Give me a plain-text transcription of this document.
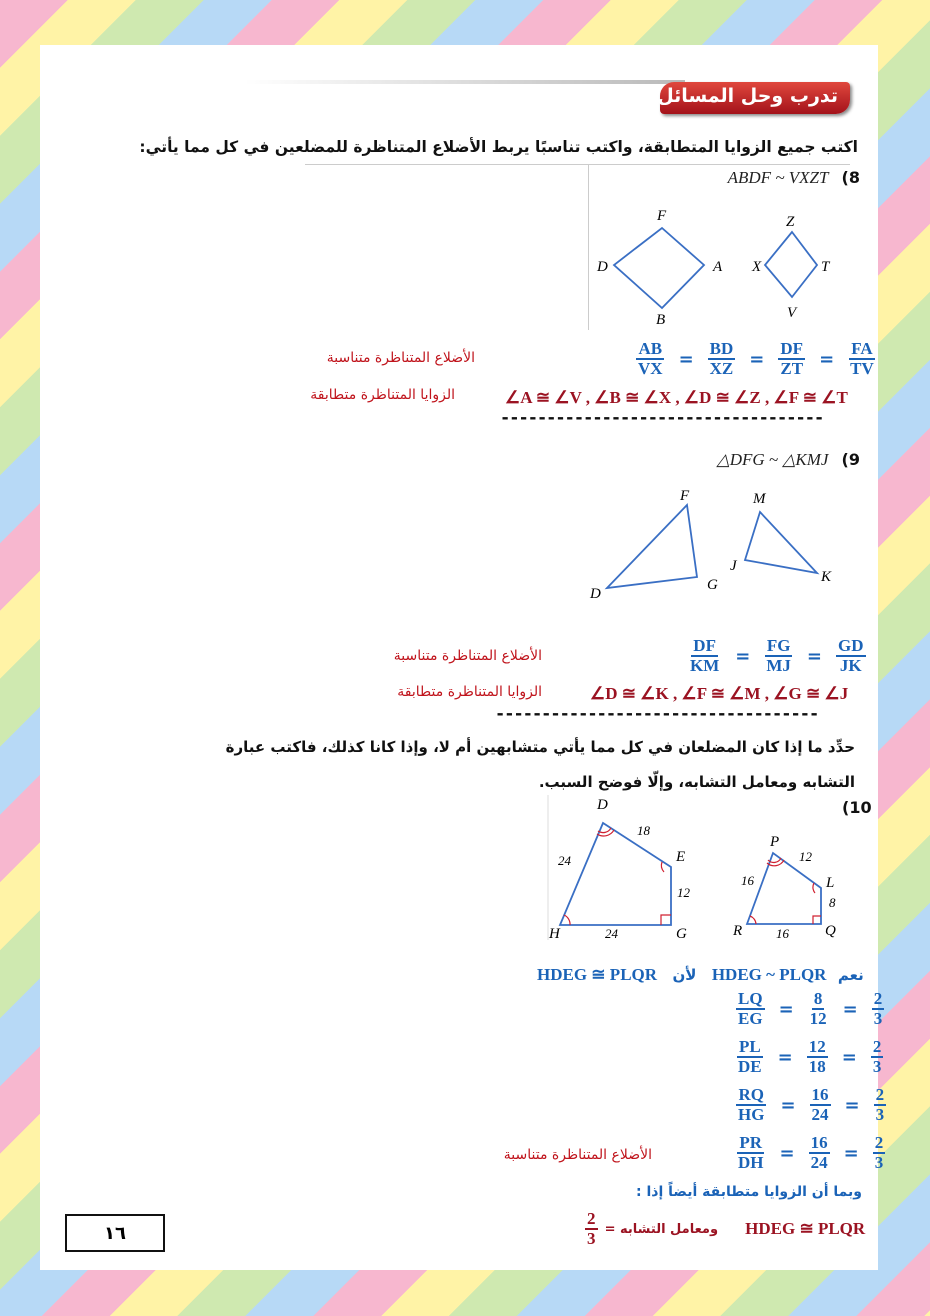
تدرب وحل المسائل
اكتب جميع الزوايا المتطابقة، واكتب تناسبًا يربط الأضلاع المتناظرة للمضلعين في كل مما يأتي:
ABDF ~ VXZT (8
F
D	A
B
Z
X	T
V
$\frac{AB}{VX} = \frac{BD}{XZ} = \frac{DF}{ZT} = \frac{FA}{TV}$
الأضلاع المتناظرة متناسبة
∠A ≅ ∠V , ∠B ≅ ∠X , ∠D ≅ ∠Z , ∠F ≅ ∠T
الزوايا المتناظرة متطابقة
-----------------------------------
△DFG ~ △KMJ (9
F
D
G
M
J
K
$\frac{DF}{KM} = \frac{FG}{MJ} = \frac{GD}{JK}$
الأضلاع المتناظرة متناسبة
∠D ≅ ∠K , ∠F ≅ ∠M , ∠G ≅ ∠J
الزوايا المتناظرة متطابقة
-----------------------------------
حدِّد ما إذا كان المضلعان في كل مما يأتي متشابهين أم لا، وإذا كانا كذلك، فاكتب عبارة
التشابه ومعامل التشابه، وإلّا فوضح السبب.
(10
D
E
H	G
18
24
12
24
P
L
R	Q
12
16
8
16
HDEG ≅ PLQR لأن HDEG ~ PLQR نعم
$\frac{LQ}{EG} = \frac{8}{12} = \frac{2}{3}$
$\frac{PL}{DE} = \frac{12}{18} = \frac{2}{3}$
$\frac{RQ}{HG} = \frac{16}{24} = \frac{2}{3}$
$\frac{PR}{DH} = \frac{16}{24} = \frac{2}{3}$
الأضلاع المتناظرة متناسبة
وبما أن الزوايا متطابقة أيضاً إذا :
$\frac{2}{3}$ ومعامل التشابه = HDEG ≅ PLQR
١٦
